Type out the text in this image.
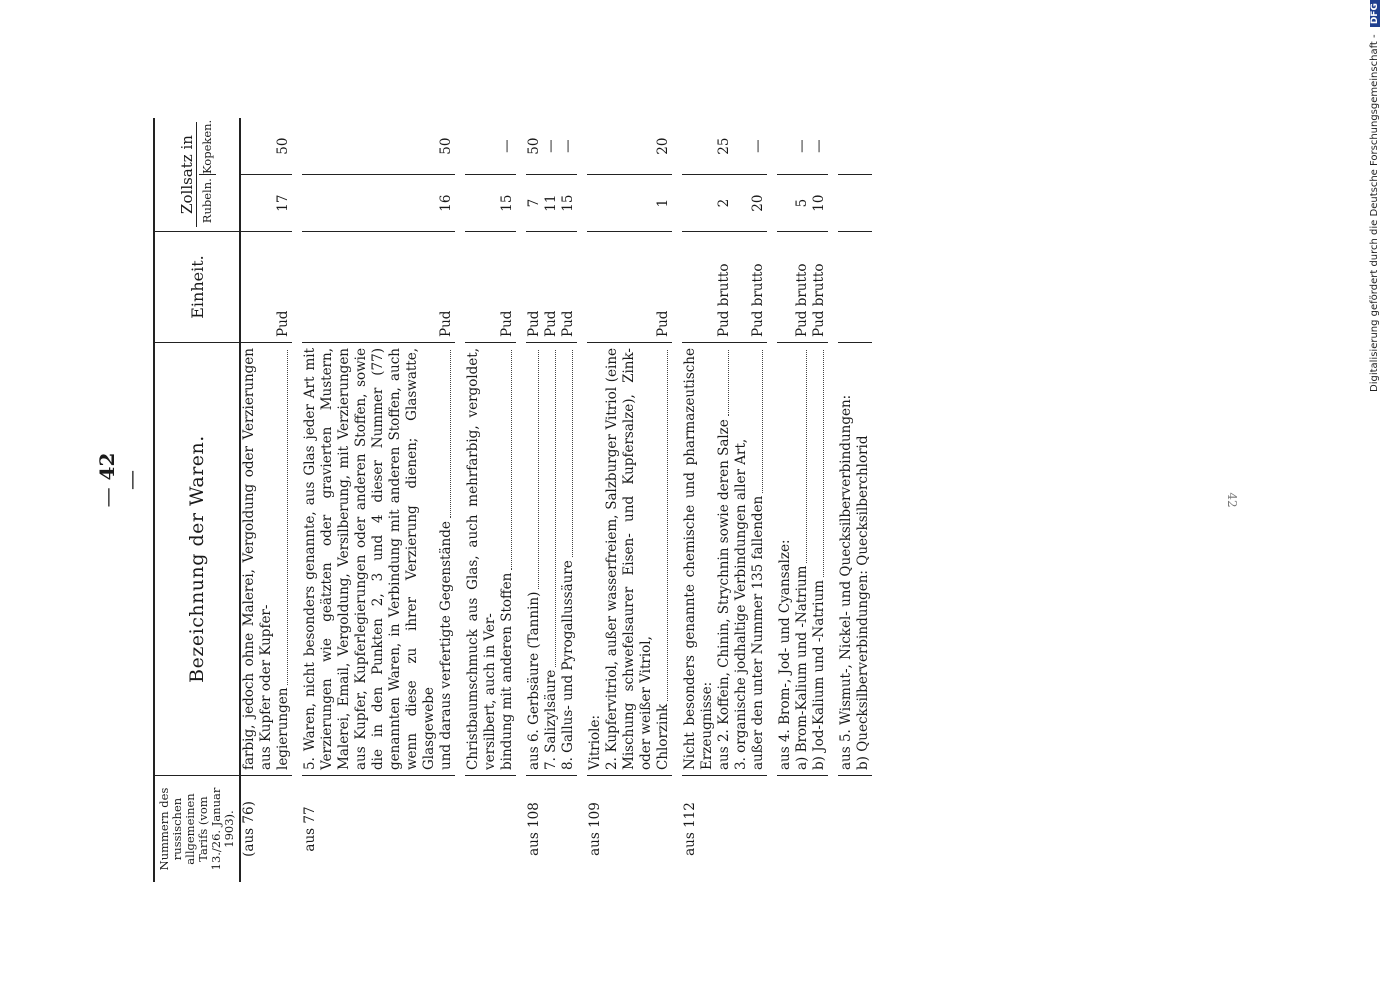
— 42 —
Nummern des russischen allgemeinen Tarifs (vom 13./26. Januar 1903).	Bezeichnung der Waren.	Einheit.	Zollsatz in Rubeln.Kopeken.	

(aus 76)	farbig, jedoch ohne Malerei, Vergoldung oder Verzierungen aus Kupfer oder Kupfer- legierungen	Pud	17	50

aus 77	5. Waren, nicht besonders genannte, aus Glas jeder Art mit Verzierungen wie geätzten oder gravierten Mustern, Malerei, Email, Vergoldung, Versilberung, mit Verzierungen aus Kupfer, Kupferlegierungen oder anderen Stoffen, sowie die in den Punkten 2, 3 und 4 dieser Nummer (77) genannten Waren, in Verbindung mit anderen Stoffen, auch wenn diese zu ihrer Verzierung dienen; Glaswatte, Glasgewebe und daraus verfertigte Gegenstände	Pud	16	50

	Christbaumschmuck aus Glas, auch mehrfarbig, vergoldet, versilbert, auch in Ver- bindung mit anderen Stoffen	Pud	15	—

aus 108	aus 6. Gerbsäure (Tannin)	Pud	7	50

	7. Salizylsäure	Pud	11	—

	8. Gallus- und Pyrogallussäure	Pud	15	—

aus 109	Vitriole:			

	2. Kupfervitriol, außer wasserfreiem, Salzburger Vitriol (eine Mischung schwefelsaurer Eisen- und Kupfersalze), Zink- oder weißer Vitriol, Chlorzink	Pud	1	20

aus 112	Nicht besonders genannte chemische und pharmazeutische Erzeugnisse:			

	aus 2. Koffein, Chinin, Strychnin sowie deren Salze	Pud brutto	2	25

	3. organische jodhaltige Verbindungen aller Art, außer den unter Nummer 135 fallenden	Pud brutto	20	—

	aus 4. Brom-, Jod- und Cyansalze:			

	a) Brom-Kalium und -Natrium	Pud brutto	5	—

	b) Jod-Kalium und -Natrium	Pud brutto	10	—

	aus 5. Wismut-, Nickel- und Quecksilberverbindungen:			

	b) Quecksilberverbindungen: Quecksilberchlorid			
				42
Digitalisierung gefördert durch die Deutsche Forschungsgemeinschaft - DFG
